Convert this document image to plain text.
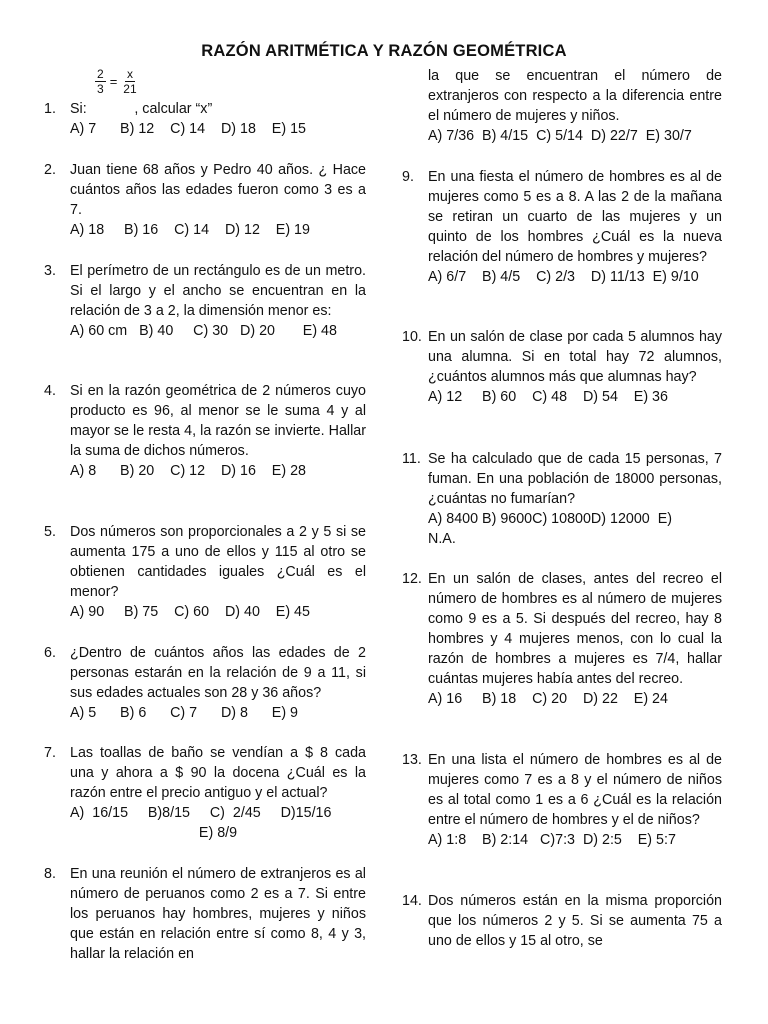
RAZÓN ARITMÉTICA Y RAZÓN GEOMÉTRICA
$\frac{2}{3} = \frac{x}{21}$
1. Si:            , calcular “x”

A) 7      B) 12    C) 14    D) 18    E) 15

2. Juan tiene 68 años y Pedro 40 años. ¿ Hace cuántos años las edades fueron como 3 es a 7.

A) 18     B) 16    C) 14    D) 12    E) 19

3. El perímetro de un rectángulo es de un metro. Si el largo y el ancho se encuentran en la relación de 3 a 2, la dimensión menor es:

A) 60 cm   B) 40     C) 30   D) 20       E) 48

4. Si en la razón geométrica de 2 números cuyo producto es 96, al menor se le suma 4 y al mayor se le resta 4, la razón se invierte. Hallar la suma de dichos números.

A) 8      B) 20    C) 12    D) 16    E) 28

5. Dos números son proporcionales a 2 y 5 si se aumenta 175 a uno de ellos y 115 al otro se obtienen cantidades iguales ¿Cuál es el menor?

A) 90     B) 75    C) 60    D) 40    E) 45

6. ¿Dentro de cuántos años las edades de 2 personas estarán en la relación de 9 a 11, si sus edades actuales son 28 y 36 años?

A) 5      B) 6      C) 7      D) 8      E) 9

7. Las toallas de baño se vendían a $ 8 cada una y ahora a $ 90 la docena ¿Cuál es la razón entre el precio antiguo y el actual?

A)  16/15     B)8/15     C)  2/45     D)15/16

E) 8/9

8. En una reunión el número de extranjeros es al número de peruanos como 2 es a 7. Si entre los peruanos hay hombres, mujeres y niños que están en relación entre sí como 8, 4 y 3, hallar la relación en

la que se encuentran el número de extranjeros con respecto a la diferencia entre el número de mujeres y niños.

A) 7/36  B) 4/15  C) 5/14  D) 22/7  E) 30/7

9. En una fiesta el número de hombres es al de mujeres como 5 es a 8. A las 2 de la mañana se retiran un cuarto de las mujeres y un quinto de los hombres ¿Cuál es la nueva relación del número de hombres y mujeres?

A) 6/7    B) 4/5    C) 2/3    D) 11/13  E) 9/10

10. En un salón de clase por cada 5 alumnos hay una alumna. Si en total hay 72 alumnos, ¿cuántos alumnos más que alumnas hay?

A) 12     B) 60    C) 48    D) 54    E) 36

11. Se ha calculado que de cada 15 personas, 7 fuman. En una población de 18000 personas, ¿cuántas no fumarían?

A) 8400 B) 9600C) 10800D) 12000  E)

N.A.

12. En un salón de clases, antes del recreo el número de hombres es al número de mujeres como 9 es a 5. Si después del recreo, hay 8 hombres y 4 mujeres menos, con lo cual la razón de hombres a mujeres es 7/4, hallar cuántas mujeres había antes del recreo.

A) 16     B) 18    C) 20    D) 22    E) 24

13. En una lista el número de hombres es al de mujeres como 7 es a 8 y el número de niños es al total como 1 es a 6 ¿Cuál es la relación entre el número de hombres y el de niños?

A) 1:8    B) 2:14   C)7:3  D) 2:5    E) 5:7

14. Dos números están en la misma proporción que los números 2 y 5. Si se aumenta 75 a uno de ellos y 15 al otro, se
